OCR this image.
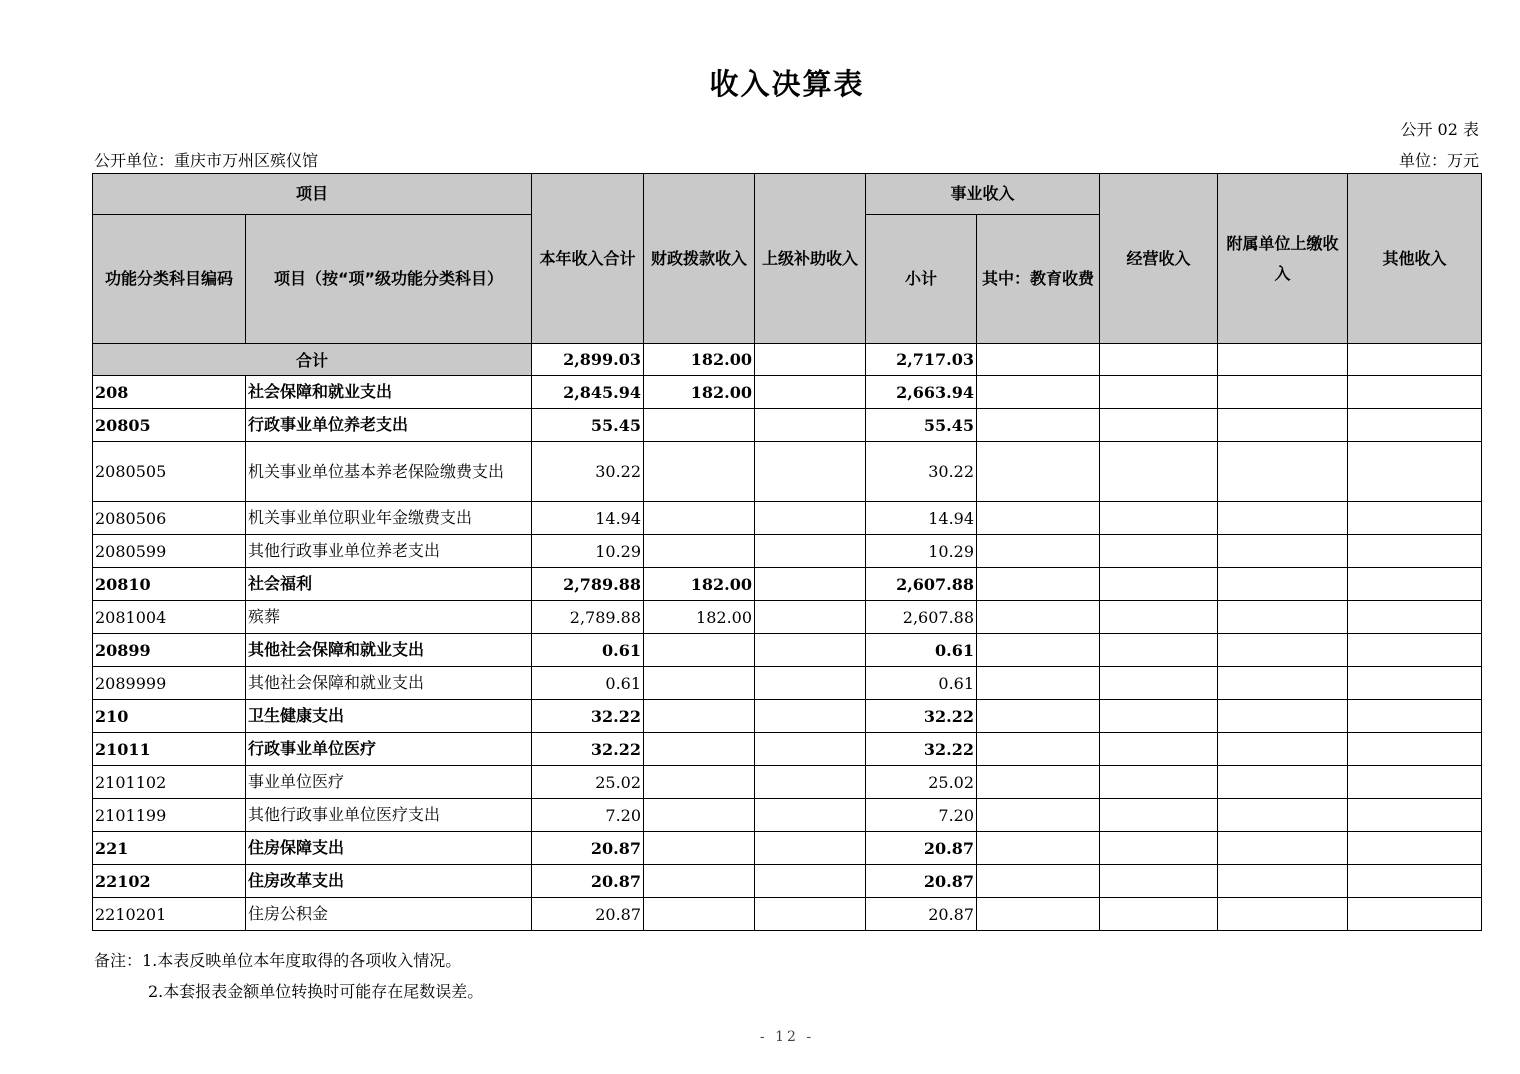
收入决算表
公开 02 表
公开单位：重庆市万州区殡仪馆	单位：万元
项目		本年收入合计	财政拨款收入	上级补助收入	事业收入		经营收入	附属单位上缴收入	其他收入
功能分类科目编码	项目（按“项”级功能分类科目）				小计	其中：教育收费			
合计		2,899.03	182.00		2,717.03				
208	社会保障和就业支出	2,845.94	182.00		2,663.94				
20805	行政事业单位养老支出	55.45			55.45				
2080505	机关事业单位基本养老保险缴费支出	30.22			30.22				
2080506	机关事业单位职业年金缴费支出	14.94			14.94				
2080599	其他行政事业单位养老支出	10.29			10.29				
20810	社会福利	2,789.88	182.00		2,607.88				
2081004	殡葬	2,789.88	182.00		2,607.88				
20899	其他社会保障和就业支出	0.61			0.61				
2089999	其他社会保障和就业支出	0.61			0.61				
210	卫生健康支出	32.22			32.22				
21011	行政事业单位医疗	32.22			32.22				
2101102	事业单位医疗	25.02			25.02				
2101199	其他行政事业单位医疗支出	7.20			7.20				
221	住房保障支出	20.87			20.87				
22102	住房改革支出	20.87			20.87				
2210201	住房公积金	20.87			20.87				
备注：1.本表反映单位本年度取得的各项收入情况。
2.本套报表金额单位转换时可能存在尾数误差。
- 12 -
